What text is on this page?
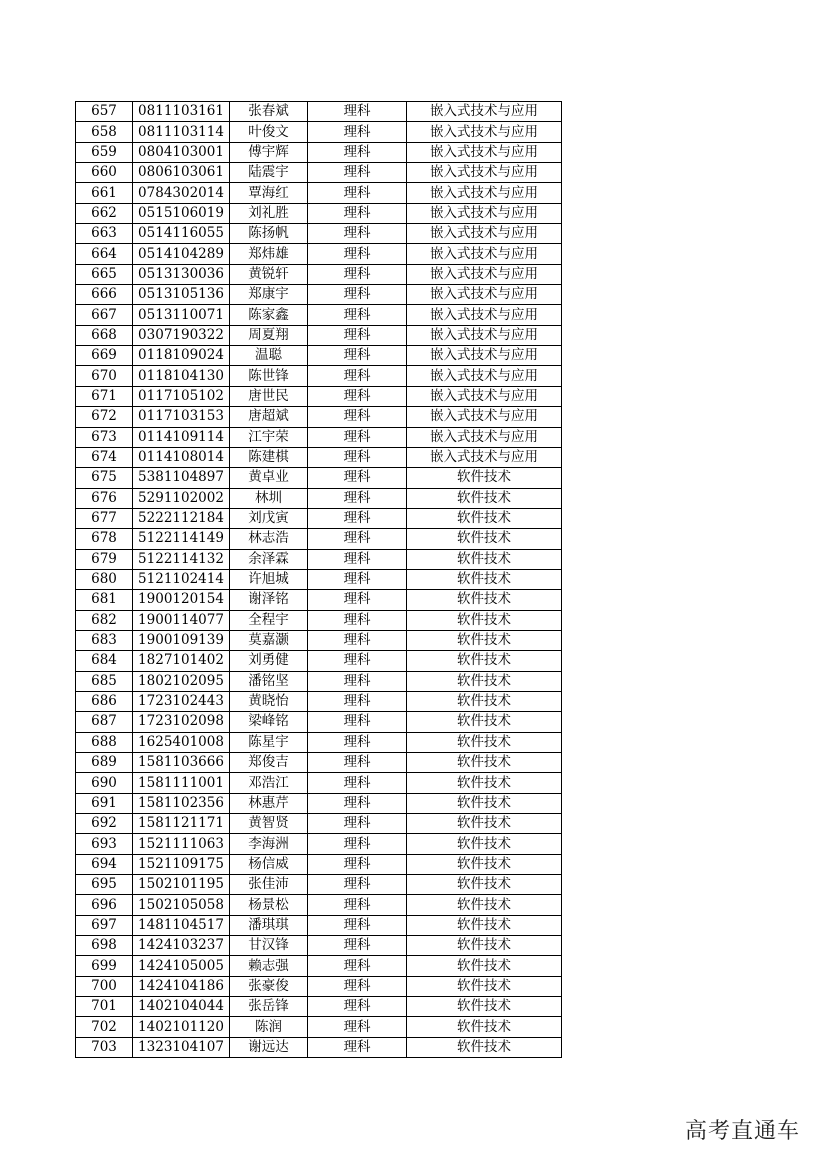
657	0811103161	张春斌	理科	嵌入式技术与应用
658	0811103114	叶俊文	理科	嵌入式技术与应用
659	0804103001	傅宇辉	理科	嵌入式技术与应用
660	0806103061	陆震宇	理科	嵌入式技术与应用
661	0784302014	覃海红	理科	嵌入式技术与应用
662	0515106019	刘礼胜	理科	嵌入式技术与应用
663	0514116055	陈扬帆	理科	嵌入式技术与应用
664	0514104289	郑炜雄	理科	嵌入式技术与应用
665	0513130036	黄锐轩	理科	嵌入式技术与应用
666	0513105136	郑康宇	理科	嵌入式技术与应用
667	0513110071	陈家鑫	理科	嵌入式技术与应用
668	0307190322	周夏翔	理科	嵌入式技术与应用
669	0118109024	温聪	理科	嵌入式技术与应用
670	0118104130	陈世锋	理科	嵌入式技术与应用
671	0117105102	唐世民	理科	嵌入式技术与应用
672	0117103153	唐超斌	理科	嵌入式技术与应用
673	0114109114	江宇荣	理科	嵌入式技术与应用
674	0114108014	陈建棋	理科	嵌入式技术与应用
675	5381104897	黄卓业	理科	软件技术
676	5291102002	林圳	理科	软件技术
677	5222112184	刘戊寅	理科	软件技术
678	5122114149	林志浩	理科	软件技术
679	5122114132	余泽霖	理科	软件技术
680	5121102414	许旭城	理科	软件技术
681	1900120154	谢泽铭	理科	软件技术
682	1900114077	全程宇	理科	软件技术
683	1900109139	莫嘉灏	理科	软件技术
684	1827101402	刘勇健	理科	软件技术
685	1802102095	潘铭坚	理科	软件技术
686	1723102443	黄晓怡	理科	软件技术
687	1723102098	梁峰铭	理科	软件技术
688	1625401008	陈星宇	理科	软件技术
689	1581103666	郑俊吉	理科	软件技术
690	1581111001	邓浩江	理科	软件技术
691	1581102356	林惠芹	理科	软件技术
692	1581121171	黄智贤	理科	软件技术
693	1521111063	李海洲	理科	软件技术
694	1521109175	杨信威	理科	软件技术
695	1502101195	张佳沛	理科	软件技术
696	1502105058	杨景松	理科	软件技术
697	1481104517	潘琪琪	理科	软件技术
698	1424103237	甘汉锋	理科	软件技术
699	1424105005	赖志强	理科	软件技术
700	1424104186	张豪俊	理科	软件技术
701	1402104044	张岳锋	理科	软件技术
702	1402101120	陈润	理科	软件技术
703	1323104107	谢远达	理科	软件技术
高考直通车
